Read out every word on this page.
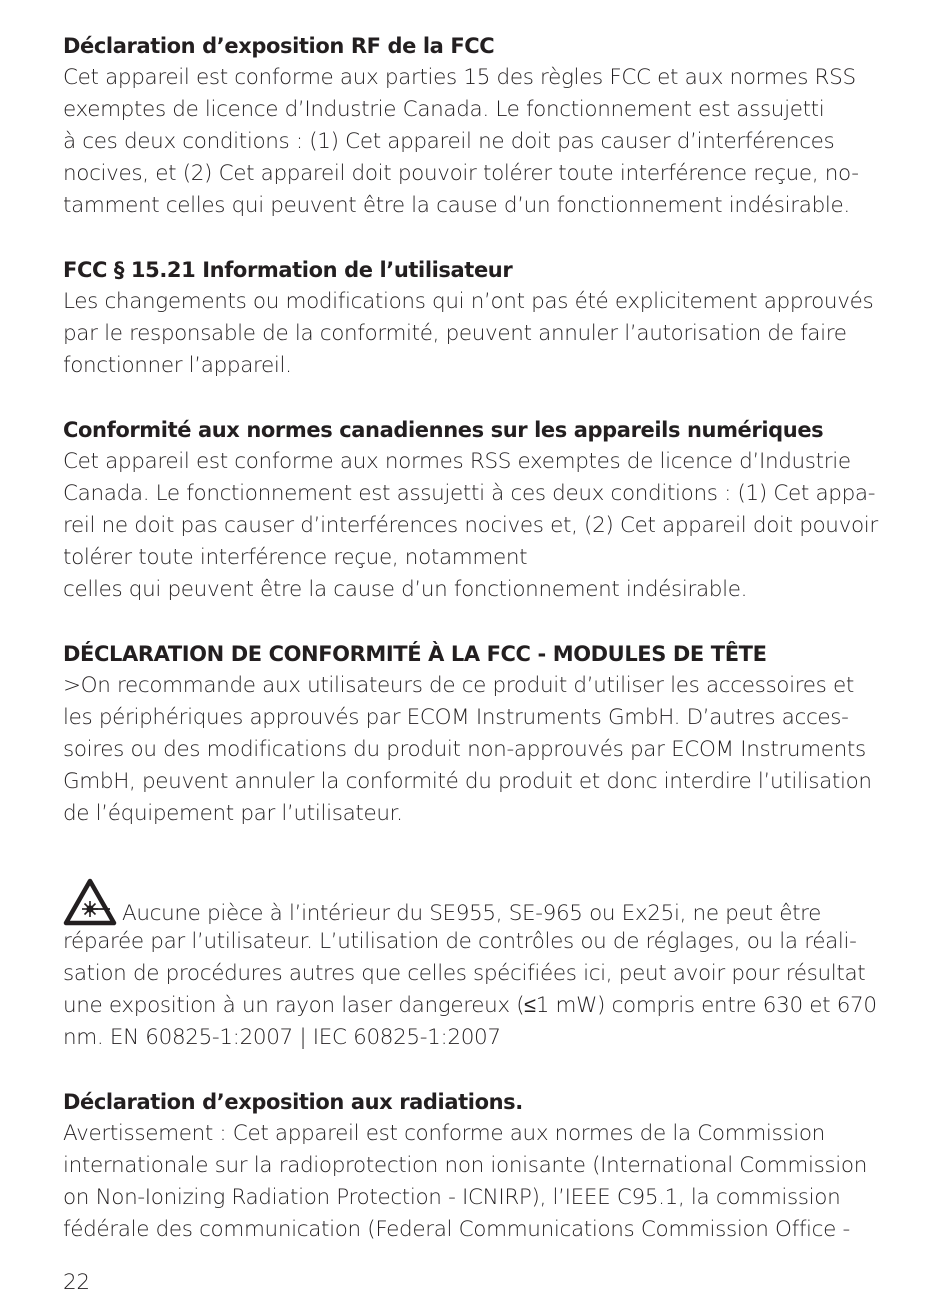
Déclaration d’exposition RF de la FCC

Cet appareil est conforme aux parties 15 des règles FCC et aux normes RSS
exemptes de licence d’Industrie Canada. Le fonctionnement est assujetti
à ces deux conditions : (1) Cet appareil ne doit pas causer d’interférences
nocives, et (2) Cet appareil doit pouvoir tolérer toute interférence reçue, no-
tamment celles qui peuvent être la cause d’un fonctionnement indésirable.

FCC § 15.21 Information de l’utilisateur

Les changements ou modifications qui n’ont pas été explicitement approuvés
par le responsable de la conformité, peuvent annuler l’autorisation de faire
fonctionner l’appareil.

Conformité aux normes canadiennes sur les appareils numériques

Cet appareil est conforme aux normes RSS exemptes de licence d’Industrie
Canada. Le fonctionnement est assujetti à ces deux conditions : (1) Cet appa-
reil ne doit pas causer d’interférences nocives et, (2) Cet appareil doit pouvoir
tolérer toute interférence reçue, notamment
celles qui peuvent être la cause d’un fonctionnement indésirable.

DÉCLARATION DE CONFORMITÉ À LA FCC - MODULES DE TÊTE

>On recommande aux utilisateurs de ce produit d’utiliser les accessoires et
les périphériques approuvés par ECOM Instruments GmbH. D’autres acces-
soires ou des modifications du produit non-approuvés par ECOM Instruments
GmbH, peuvent annuler la conformité du produit et donc interdire l’utilisation
de l’équipement par l’utilisateur.
Aucune pièce à l’intérieur du SE955, SE-965 ou Ex25i, ne peut être
réparée par l’utilisateur. L’utilisation de contrôles ou de réglages, ou la réali-
sation de procédures autres que celles spécifiées ici, peut avoir pour résultat
une exposition à un rayon laser dangereux (≤1 mW) compris entre 630 et 670
nm. EN 60825-1:2007 | IEC 60825-1:2007

Déclaration d’exposition aux radiations.

Avertissement : Cet appareil est conforme aux normes de la Commission
internationale sur la radioprotection non ionisante (International Commission
on Non-Ionizing Radiation Protection - ICNIRP), l’IEEE C95.1, la commission
fédérale des communication (Federal Communications Commission Office -

22
